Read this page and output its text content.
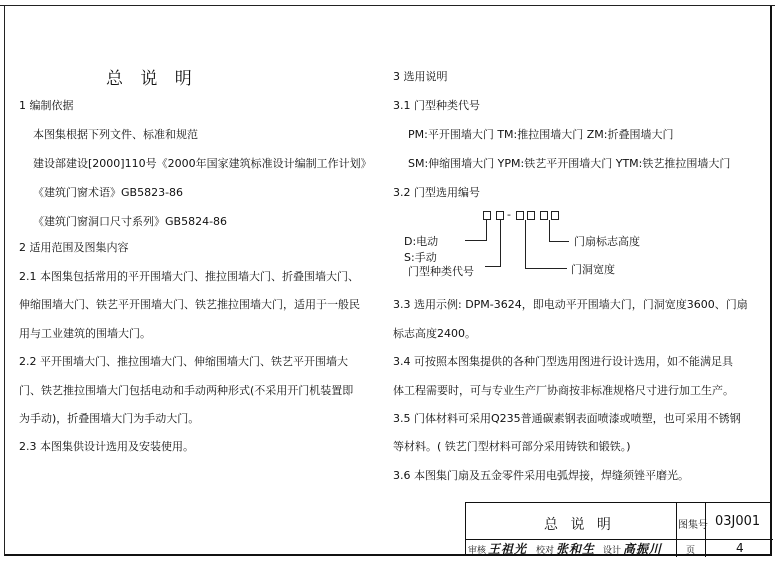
总 说 明
1 编制依据
本图集根据下列文件、标准和规范
建设部建设[2000]110号《2000年国家建筑标准设计编制工作计划》
《建筑门窗术语》GB5823-86
《建筑门窗洞口尺寸系列》GB5824-86
2 适用范围及图集内容
2.1 本图集包括常用的平开围墙大门、推拉围墙大门、折叠围墙大门、
伸缩围墙大门、铁艺平开围墙大门、铁艺推拉围墙大门，适用于一般民
用与工业建筑的围墙大门。
2.2 平开围墙大门、推拉围墙大门、伸缩围墙大门、铁艺平开围墙大
门、铁艺推拉围墙大门包括电动和手动两种形式(不采用开门机装置即
为手动)，折叠围墙大门为手动大门。
2.3 本图集供设计选用及安装使用。
3 选用说明
3.1 门型种类代号
PM:平开围墙大门 TM:推拉围墙大门 ZM:折叠围墙大门
SM:伸缩围墙大门 YPM:铁艺平开围墙大门 YTM:铁艺推拉围墙大门
3.2 门型选用编号
3.3 选用示例: DPM-3624，即电动平开围墙大门，门洞宽度3600、门扇
标志高度2400。
3.4 可按照本图集提供的各种门型选用图进行设计选用，如不能满足具
体工程需要时，可与专业生产厂协商按非标准规格尺寸进行加工生产。
3.5 门体材料可采用Q235普通碳素钢表面喷漆或喷塑，也可采用不锈钢
等材料。( 铁艺门型材料可部分采用铸铁和锻铁。)
3.6 本图集门扇及五金零件采用电弧焊接，焊缝须锉平磨光。
-
D:电动
S:手动
门型种类代号
门扇标志高度
门洞宽度
总 说 明	图集号 03J001
审核 王祖光 校对 张和生 设计 高振川	页	4
